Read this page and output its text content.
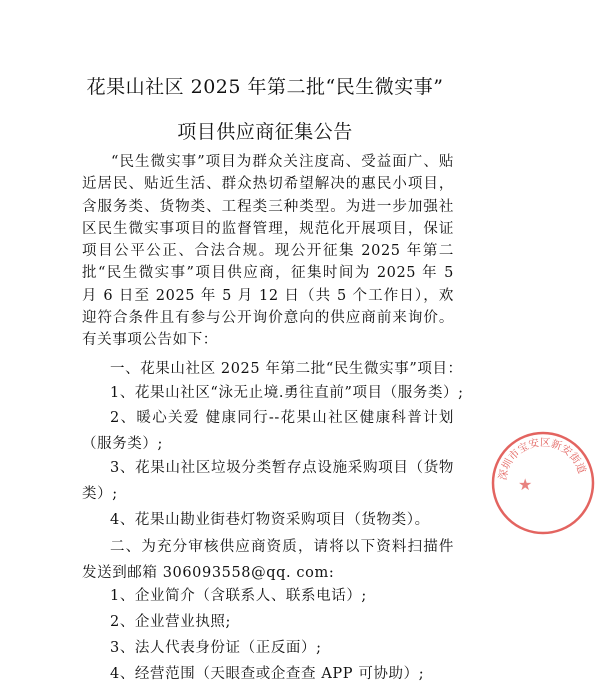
花果山社区 2025 年第二批“民生微实事”
项目供应商征集公告
“民生微实事”项目为群众关注度高、受益面广、贴近居民、贴近生活、群众热切希望解决的惠民小项目，含服务类、货物类、工程类三种类型。为进一步加强社区民生微实事项目的监督管理，规范化开展项目，保证项目公平公正、合法合规。现公开征集 2025 年第二批“民生微实事”项目供应商，征集时间为 2025 年 5 月 6 日至 2025 年 5 月 12 日（共 5 个工作日），欢迎符合条件且有参与公开询价意向的供应商前来询价。有关事项公告如下：
一、花果山社区 2025 年第二批“民生微实事”项目：
1、花果山社区“泳无止境.勇往直前”项目（服务类）;
2、暖心关爱 健康同行--花果山社区健康科普计划（服务类）;
3、花果山社区垃圾分类暂存点设施采购项目（货物类）;
4、花果山勘业街巷灯物资采购项目（货物类）。
二、为充分审核供应商资质，请将以下资料扫描件发送到邮箱 306093558@qq. com:
1、企业简介（含联系人、联系电话）;
2、企业营业执照;
3、法人代表身份证（正反面）;
4、经营范围（天眼查或企查查 APP 可协助）;
深圳市宝安区新安街道
★
